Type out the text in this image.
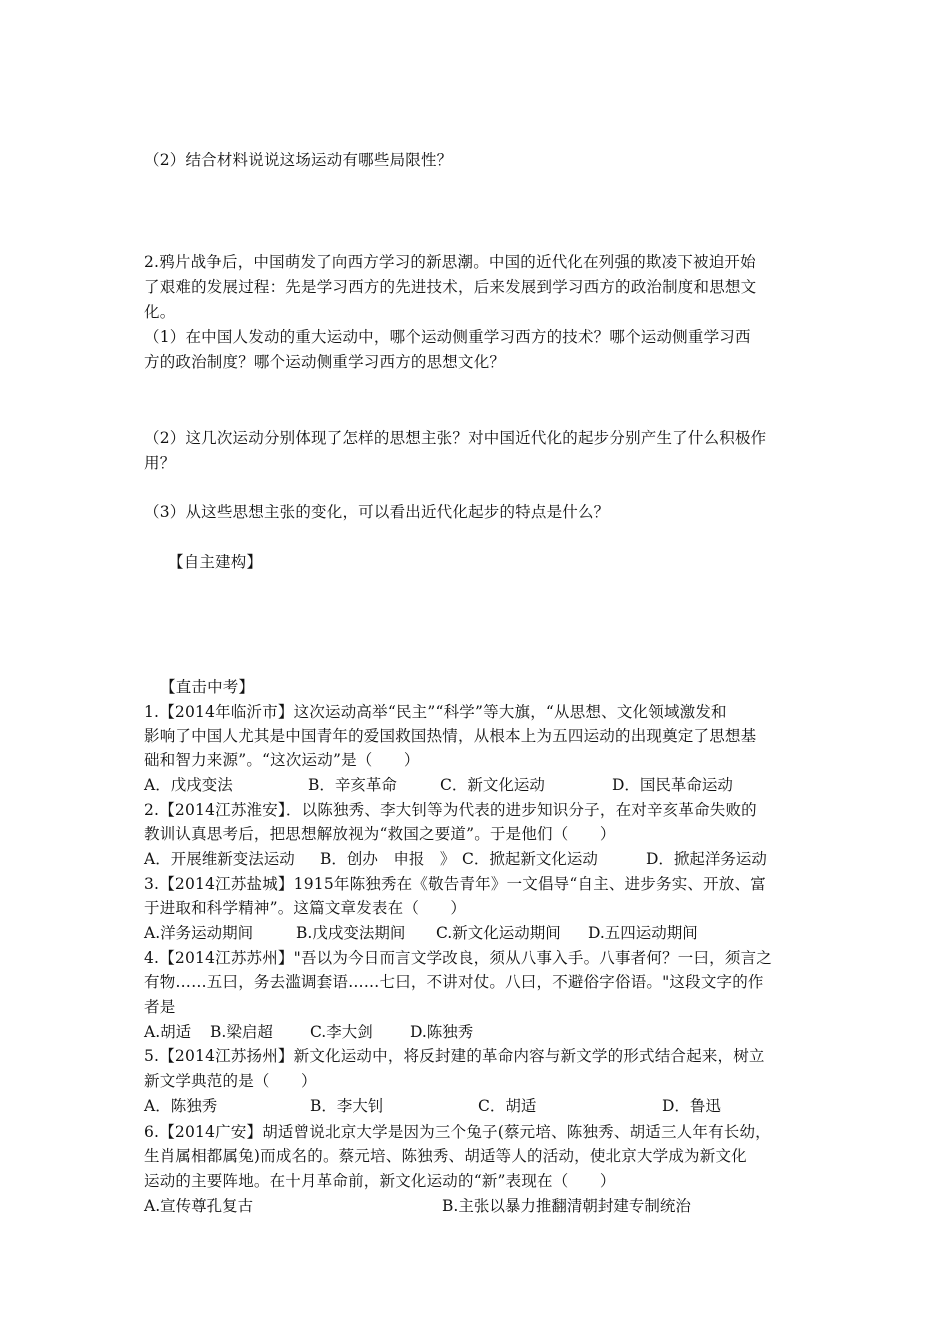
（2）结合材料说说这场运动有哪些局限性？
2.鸦片战争后，中国萌发了向西方学习的新思潮。中国的近代化在列强的欺凌下被迫开始
了艰难的发展过程：先是学习西方的先进技术，后来发展到学习西方的政治制度和思想文
化。
（1）在中国人发动的重大运动中，哪个运动侧重学习西方的技术？哪个运动侧重学习西
方的政治制度？哪个运动侧重学习西方的思想文化？
（2）这几次运动分别体现了怎样的思想主张？对中国近代化的起步分别产生了什么积极作
用？
（3）从这些思想主张的变化，可以看出近代化起步的特点是什么？
【自主建构】
【直击中考】
1.【2014年临沂市】这次运动高举“民主”“科学”等大旗，“从思想、文化领域激发和
影响了中国人尤其是中国青年的爱国救国热情，从根本上为五四运动的出现奠定了思想基
础和智力来源”。“这次运动”是（　　）
A．戊戌变法	B．辛亥革命	C．新文化运动	D．国民革命运动
2.【2014江苏淮安】．以陈独秀、李大钊等为代表的进步知识分子，在对辛亥革命失败的
教训认真思考后，把思想解放视为“救国之要道”。于是他们（　　）
A．开展维新变法运动 B．创办　申报　》 C．掀起新文化运动	D．掀起洋务运动
3.【2014江苏盐城】1915年陈独秀在《敬告青年》一文倡导“自主、进步务实、开放、富
于进取和科学精神”。这篇文章发表在（　　）
A.洋务运动期间	B.戊戌变法期间 C.新文化运动期间 D.五四运动期间
4.【2014江苏苏州】"吾以为今日而言文学改良，须从八事入手。八事者何？一曰，须言之
有物……五曰，务去滥调套语……七曰，不讲对仗。八曰，不避俗字俗语。"这段文字的作
者是
A.胡适 B.梁启超 C.李大剑 D.陈独秀
5.【2014江苏扬州】新文化运动中，将反封建的革命内容与新文学的形式结合起来，树立
新文学典范的是（　　）
A．陈独秀	B．李大钊	C．胡适	D．鲁迅
6.【2014广安】胡适曾说北京大学是因为三个兔子(蔡元培、陈独秀、胡适三人年有长幼，
生肖属相都属兔)而成名的。蔡元培、陈独秀、胡适等人的活动，使北京大学成为新文化
运动的主要阵地。在十月革命前，新文化运动的“新”表现在（　　）
A.宣传尊孔复古	B.主张以暴力推翻清朝封建专制统治
